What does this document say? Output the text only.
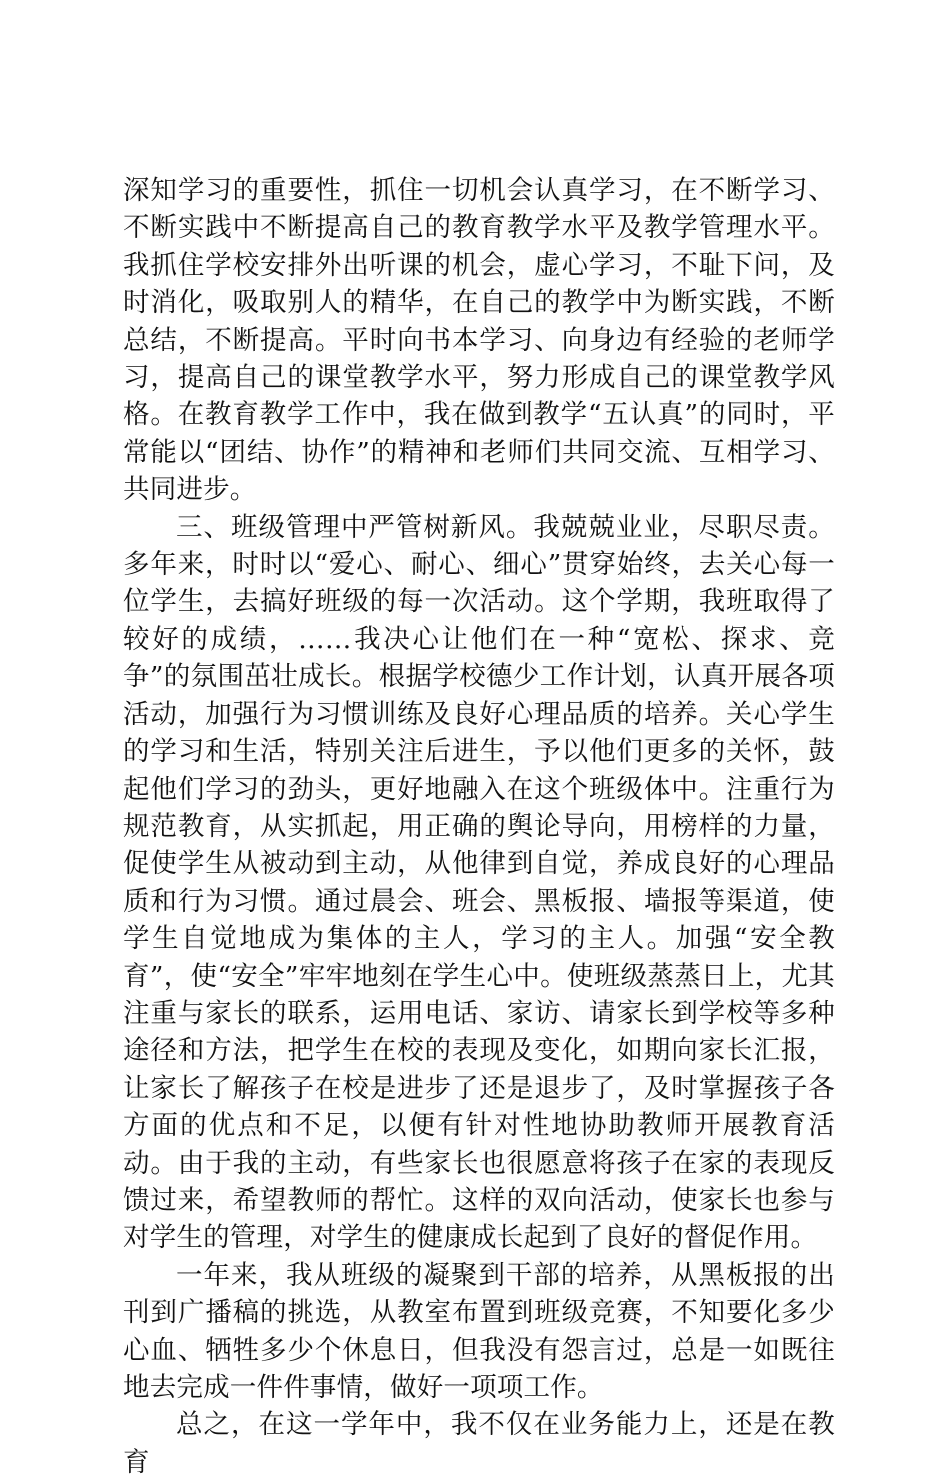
深知学习的重要性，抓住一切机会认真学习，在不断学习、不断实践中不断提高自己的教育教学水平及教学管理水平。我抓住学校安排外出听课的机会，虚心学习，不耻下问，及时消化，吸取别人的精华，在自己的教学中为断实践，不断总结，不断提高。平时向书本学习、向身边有经验的老师学习，提高自己的课堂教学水平，努力形成自己的课堂教学风格。在教育教学工作中，我在做到教学“五认真”的同时，平常能以“团结、协作”的精神和老师们共同交流、互相学习、共同进步。

三、班级管理中严管树新风。我兢兢业业，尽职尽责。多年来，时时以“爱心、耐心、细心”贯穿始终，去关心每一位学生，去搞好班级的每一次活动。这个学期，我班取得了较好的成绩，……我决心让他们在一种“宽松、探求、竞争”的氛围茁壮成长。根据学校德少工作计划，认真开展各项活动，加强行为习惯训练及良好心理品质的培养。关心学生的学习和生活，特别关注后进生，予以他们更多的关怀，鼓起他们学习的劲头，更好地融入在这个班级体中。注重行为规范教育，从实抓起，用正确的舆论导向，用榜样的力量，促使学生从被动到主动，从他律到自觉，养成良好的心理品质和行为习惯。通过晨会、班会、黑板报、墙报等渠道，使学生自觉地成为集体的主人，学习的主人。加强“安全教育”，使“安全”牢牢地刻在学生心中。使班级蒸蒸日上，尤其注重与家长的联系，运用电话、家访、请家长到学校等多种途径和方法，把学生在校的表现及变化，如期向家长汇报，让家长了解孩子在校是进步了还是退步了，及时掌握孩子各方面的优点和不足，以便有针对性地协助教师开展教育活动。由于我的主动，有些家长也很愿意将孩子在家的表现反馈过来，希望教师的帮忙。这样的双向活动，使家长也参与对学生的管理，对学生的健康成长起到了良好的督促作用。

一年来，我从班级的凝聚到干部的培养，从黑板报的出刊到广播稿的挑选，从教室布置到班级竞赛，不知要化多少心血、牺牲多少个休息日，但我没有怨言过，总是一如既往地去完成一件件事情，做好一项项工作。

总之，在这一学年中，我不仅在业务能力上，还是在教育
